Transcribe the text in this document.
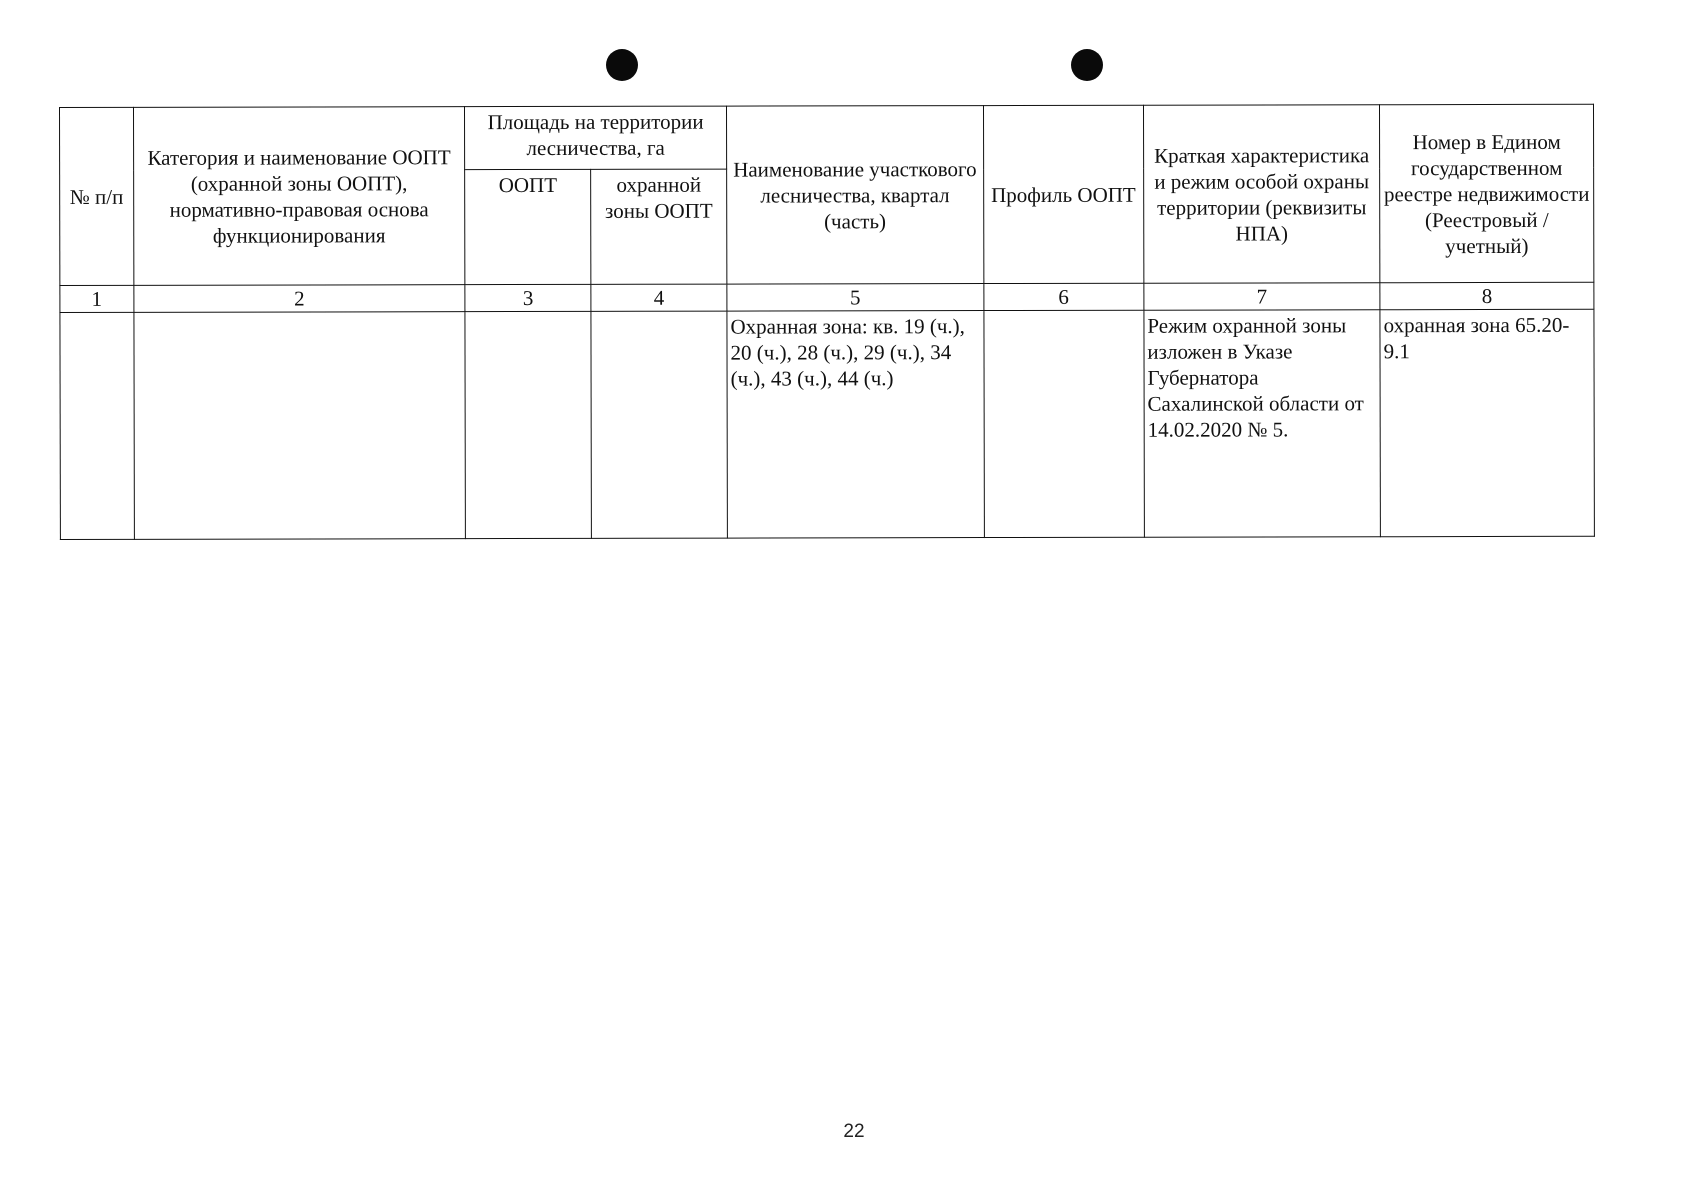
№ п/п	Категория и наименование ООПТ (охранной зоны ООПТ), нормативно-правовая основа функционирования	Площадь на территории лесничества, га		Наименование участкового лесничества, квартал (часть)	Профиль ООПТ	Краткая характеристика и режим особой охраны территории (реквизиты НПА)	Номер в Едином государственном реестре недвижимости (Реестровый / учетный)
		ООПТ	охранной зоны ООПТ				
1	2	3	4	5	6	7	8
				Охранная зона: кв. 19 (ч.), 20 (ч.), 28 (ч.), 29 (ч.), 34 (ч.), 43 (ч.), 44 (ч.)		Режим охранной зоны изложен в Указе Губернатора Сахалинской области от 14.02.2020 № 5.	охранная зона 65.20-9.1
22
